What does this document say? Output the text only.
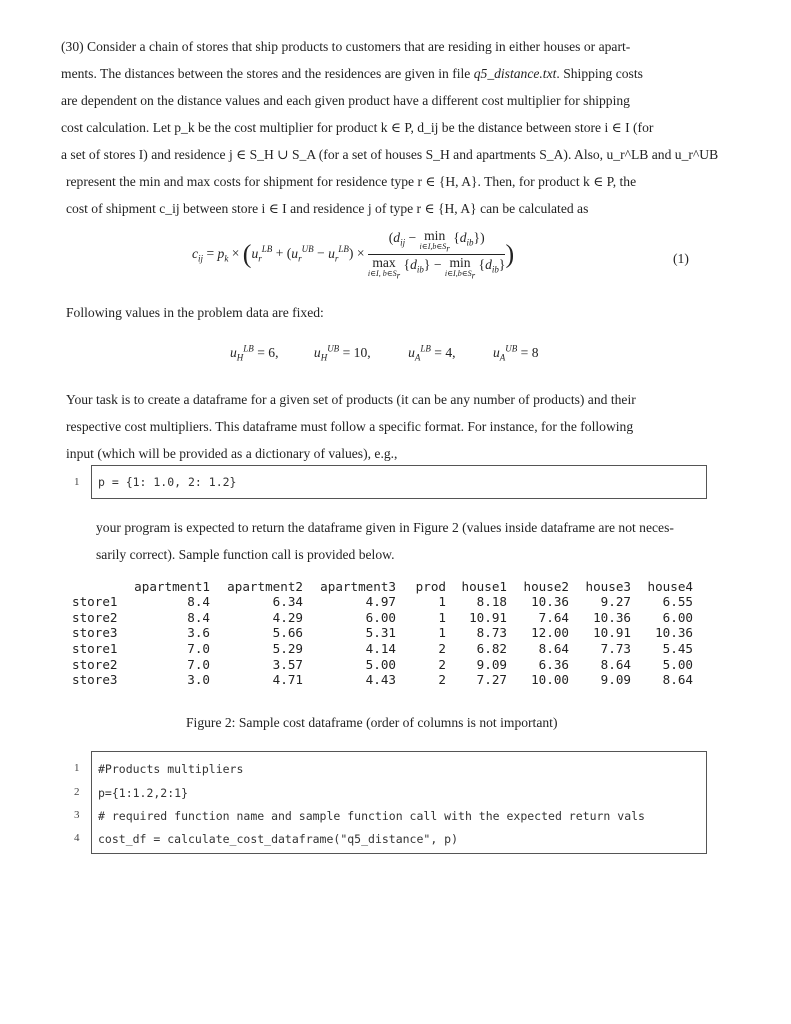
(30) Consider a chain of stores that ship products to customers that are residing in either houses or apart-
ments. The distances between the stores and the residences are given in file q5_distance.txt. Shipping costs
are dependent on the distance values and each given product have a different cost multiplier for shipping
cost calculation. Let p_k be the cost multiplier for product k ∈ P, d_ij be the distance between store i ∈ I (for
a set of stores I) and residence j ∈ S_H ∪ S_A (for a set of houses S_H and apartments S_A). Also, u_r^LB and u_r^UB
represent the min and max costs for shipment for residence type r ∈ {H, A}. Then, for product k ∈ P, the
cost of shipment c_ij between store i ∈ I and residence j of type r ∈ {H, A} can be calculated as
$c_{ij} = p_k \times (u_r^{LB} + (u_r^{UB} - u_r^{LB}) \times (d_{ij} - \min$
$i\in I,b\in S_r$
$\{d_{ib}\}$)
max
i∈I, $b\in S_r$
$\{d_{ib}\} - \min$
$i\in I,b\in S_r$
$\{d_{ib}\}$ )	(1)
Following values in the problem data are fixed:
$u_H^{LB} = 6$,	$u_H^{UB} = 10$,	$u_A^{LB} = 4$,	$u_A^{UB} = 8$
Your task is to create a dataframe for a given set of products (it can be any number of products) and their
respective cost multipliers. This dataframe must follow a specific format. For instance, for the following
input (which will be provided as a dictionary of values), e.g.,
1 p = {1: 1.0, 2: 1.2}
your program is expected to return the dataframe given in Figure 2 (values inside dataframe are not neces-
sarily correct). Sample function call is provided below.
	apartment1	apartment2	apartment3	prod	house1	house2	house3	house4
store1	8.4	6.34	4.97	1	8.18	10.36	9.27	6.55
store2	8.4	4.29	6.00	1	10.91	7.64	10.36	6.00
store3	3.6	5.66	5.31	1	8.73	12.00	10.91	10.36
store1	7.0	5.29	4.14	2	6.82	8.64	7.73	5.45
store2	7.0	3.57	5.00	2	9.09	6.36	8.64	5.00
store3	3.0	4.71	4.43	2	7.27	10.00	9.09	8.64
Figure 2: Sample cost dataframe (order of columns is not important)
1
2
3
4
#Products multipliers
p={1:1.2,2:1}
# required function name and sample function call with the expected return vals
cost_df = calculate_cost_dataframe("q5_distance", p)
